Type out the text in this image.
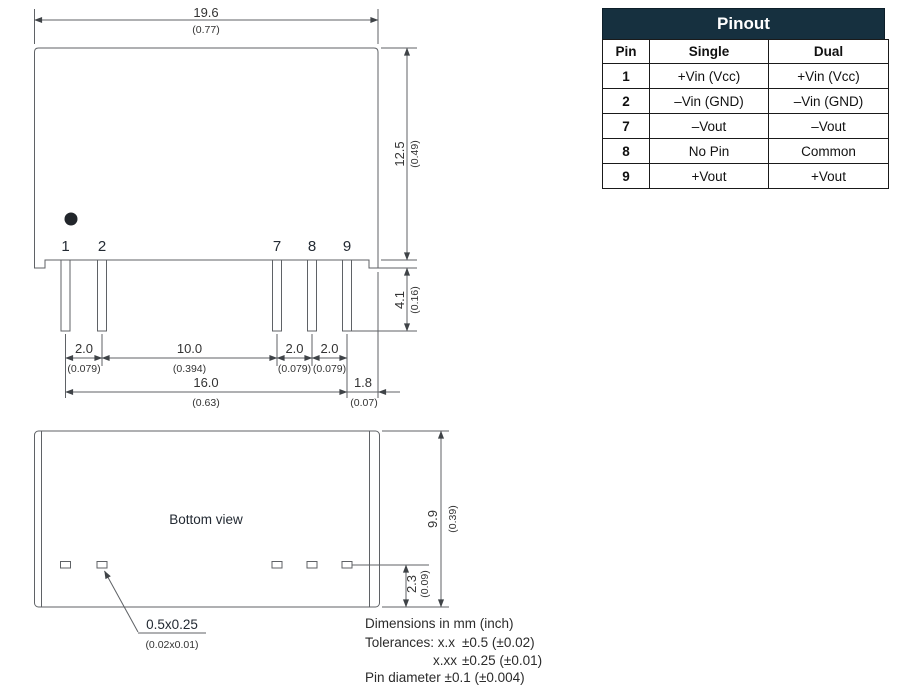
1 2	7 8 9
19.6
(0.77)
12.5 (0.49)
4.1 (0.16)
2.0
(0.079)
10.0
(0.394)
2.0
(0.079)
2.0
(0.079)
16.0
(0.63)
1.8
(0.07)
Bottom view	9.9 (0.39)
2.3 (0.09)
0.5x0.25
(0.02x0.01)
Dimensions in mm (inch)
Tolerances: x.x ±0.5 (±0.02)
x.xx ±0.25 (±0.01)
Pin diameter ±0.1 (±0.004)
Pinout
Pin	Single	Dual
1	+Vin (Vcc)	+Vin (Vcc)
2	–Vin (GND)	–Vin (GND)
7	–Vout	–Vout
8	No Pin	Common
9	+Vout	+Vout
